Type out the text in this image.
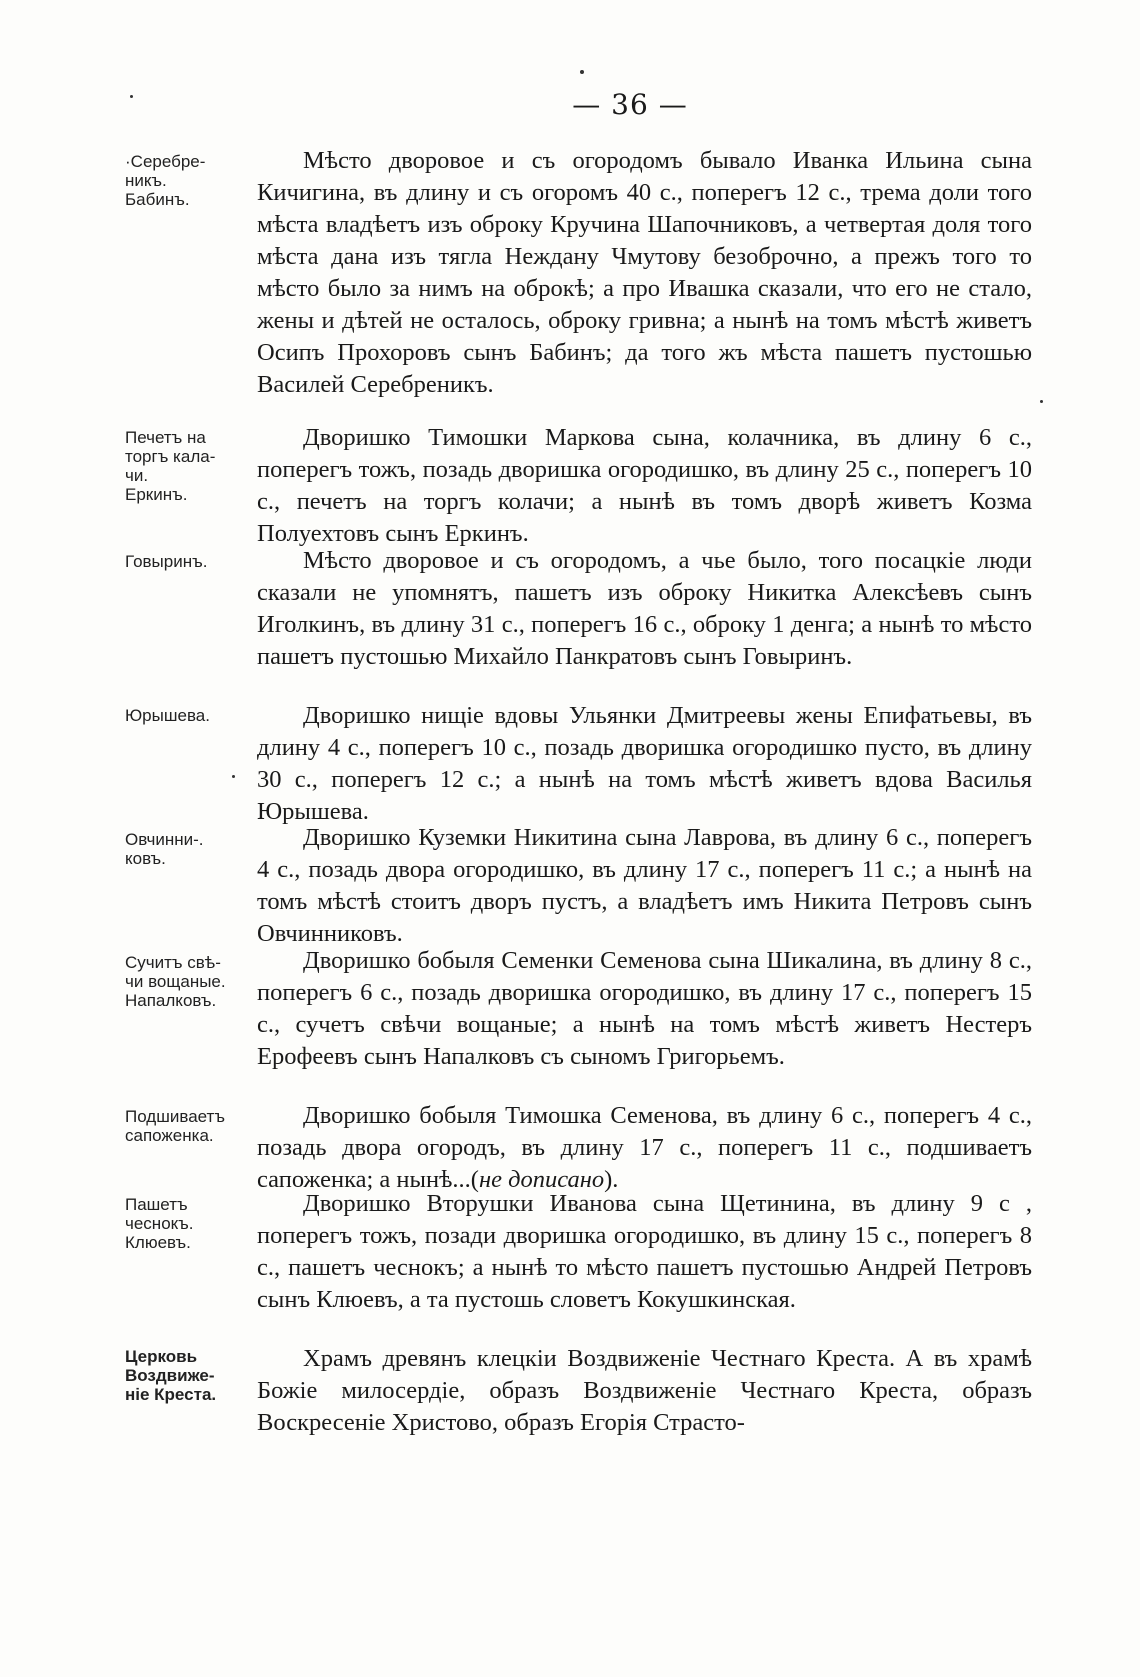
— 36 —
·Серебре-
никъ.
Бабинъ.
Мѣсто дворовое и съ огородомъ бывало Иванка Ильина сына Кичигина, въ длину и съ огоромъ 40 с., поперегъ 12 с., трема доли того мѣста владѣетъ изъ оброку Кручина Шапочниковъ, а четвертая доля того мѣста дана изъ тягла Неждану Чмутову безоброчно, а прежъ того то мѣсто было за нимъ на оброкѣ; а про Ивашка сказали, что его не стало, жены и дѣтей не осталось, оброку гривна; а нынѣ на томъ мѣстѣ живетъ Осипъ Прохоровъ сынъ Бабинъ; да того жъ мѣста пашетъ пустошью Василей Серебреникъ.
Печетъ на
торгъ кала-
чи.
Еркинъ.
Дворишко Тимошки Маркова сына, колачника, въ длину 6 с., поперегъ тожъ, позадь дворишка огородишко, въ длину 25 с., поперегъ 10 с., печетъ на торгъ колачи; а нынѣ въ томъ дворѣ живетъ Козма Полуехтовъ сынъ Еркинъ.
Говыринъ.	Мѣсто дворовое и съ огородомъ, а чье было, того посацкіе люди сказали не упомнятъ, пашетъ изъ оброку Никитка Алексѣевъ сынъ Иголкинъ, въ длину 31 с., поперегъ 16 с., оброку 1 денга; а нынѣ то мѣсто пашетъ пустошью Михайло Панкратовъ сынъ Говыринъ.
Юрышева.	Дворишко нищіе вдовы Ульянки Дмитреевы жены Епифатьевы, въ длину 4 с., поперегъ 10 с., позадь дворишка огородишко пусто, въ длину 30 с., поперегъ 12 с.; а нынѣ на томъ мѣстѣ живетъ вдова Василья Юрышева.
Овчинни-.
ковъ.
Дворишко Куземки Никитина сына Лаврова, въ длину 6 с., поперегъ 4 с., позадь двора огородишко, въ длину 17 с., поперегъ 11 с.; а нынѣ на томъ мѣстѣ стоитъ дворъ пустъ, а владѣетъ имъ Никита Петровъ сынъ Овчинниковъ.
Сучитъ свѣ-
чи вощаные.
Напалковъ.
Дворишко бобыля Семенки Семенова сына Шикалина, въ длину 8 с., поперегъ 6 с., позадь дворишка огородишко, въ длину 17 с., поперегъ 15 с., сучетъ свѣчи вощаные; а нынѣ на томъ мѣстѣ живетъ Нестеръ Ерофеевъ сынъ Напалковъ съ сыномъ Григорьемъ.
Подшиваетъ
сапоженка.
Дворишко бобыля Тимошка Семенова, въ длину 6 с., поперегъ 4 с., позадь двора огородъ, въ длину 17 с., поперегъ 11 с., подшиваетъ сапоженка; а нынѣ...(не дописано).
Пашетъ
чеснокъ.
Клюевъ.
Дворишко Вторушки Иванова сына Щетинина, въ длину 9 с , поперегъ тожъ, позади дворишка огородишко, въ длину 15 с., поперегъ 8 с., пашетъ чеснокъ; а нынѣ то мѣсто пашетъ пустошью Андрей Петровъ сынъ Клюевъ, а та пустошь словетъ Кокушкинская.
Церковь
Воздвиже-
ніе Креста.
Храмъ древянъ клецкіи Воздвиженіе Честнаго Креста. А въ храмѣ Божіе милосердіе, образъ Воздвиженіе Честнаго Креста, образъ Воскресеніе Христово, образъ Егорія Страсто-
